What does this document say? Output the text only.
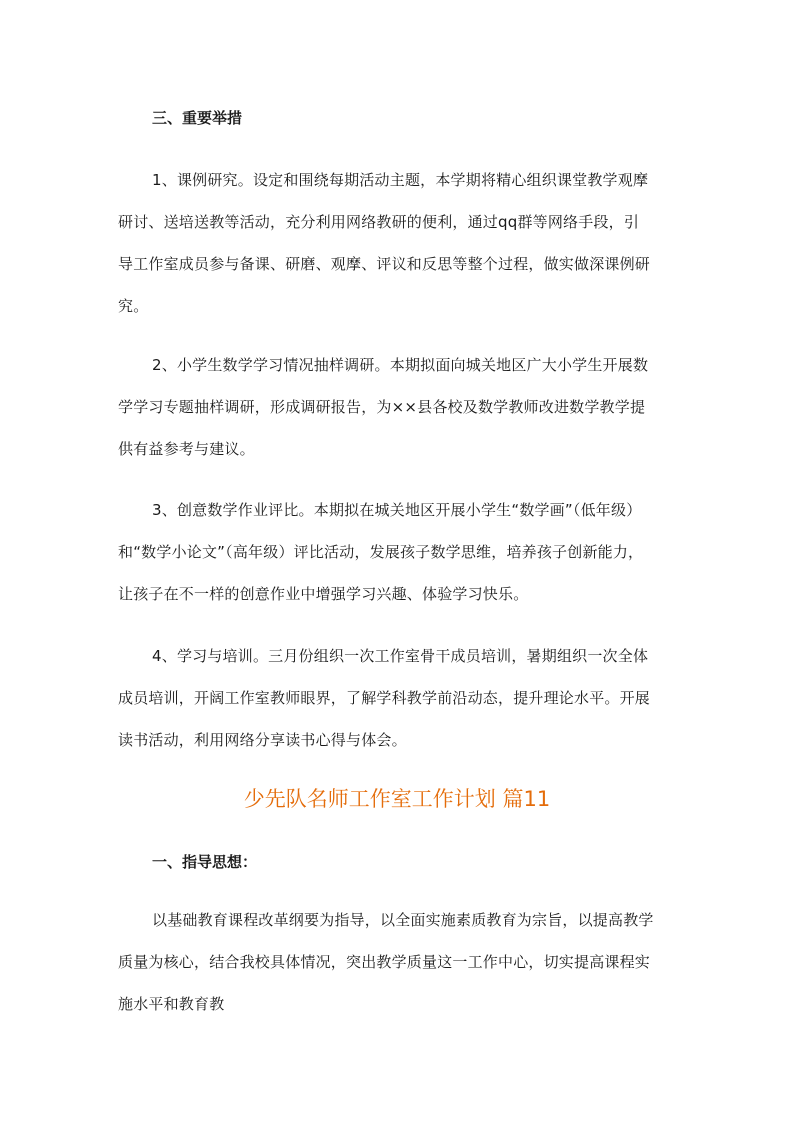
三、重要举措
1、课例研究。设定和围绕每期活动主题，本学期将精心组织课堂教学观摩
研讨、送培送教等活动，充分利用网络教研的便利，通过qq群等网络手段，引
导工作室成员参与备课、研磨、观摩、评议和反思等整个过程，做实做深课例研
究。
2、小学生数学学习情况抽样调研。本期拟面向城关地区广大小学生开展数
学学习专题抽样调研，形成调研报告，为××县各校及数学教师改进数学教学提
供有益参考与建议。
3、创意数学作业评比。本期拟在城关地区开展小学生“数学画”（低年级）
和“数学小论文”（高年级）评比活动，发展孩子数学思维，培养孩子创新能力，
让孩子在不一样的创意作业中增强学习兴趣、体验学习快乐。
4、学习与培训。三月份组织一次工作室骨干成员培训，暑期组织一次全体
成员培训，开阔工作室教师眼界，了解学科教学前沿动态，提升理论水平。开展
读书活动，利用网络分享读书心得与体会。
少先队名师工作室工作计划 篇11
一、指导思想：
以基础教育课程改革纲要为指导，以全面实施素质教育为宗旨，以提高教学
质量为核心，结合我校具体情况，突出教学质量这一工作中心，切实提高课程实
施水平和教育教
